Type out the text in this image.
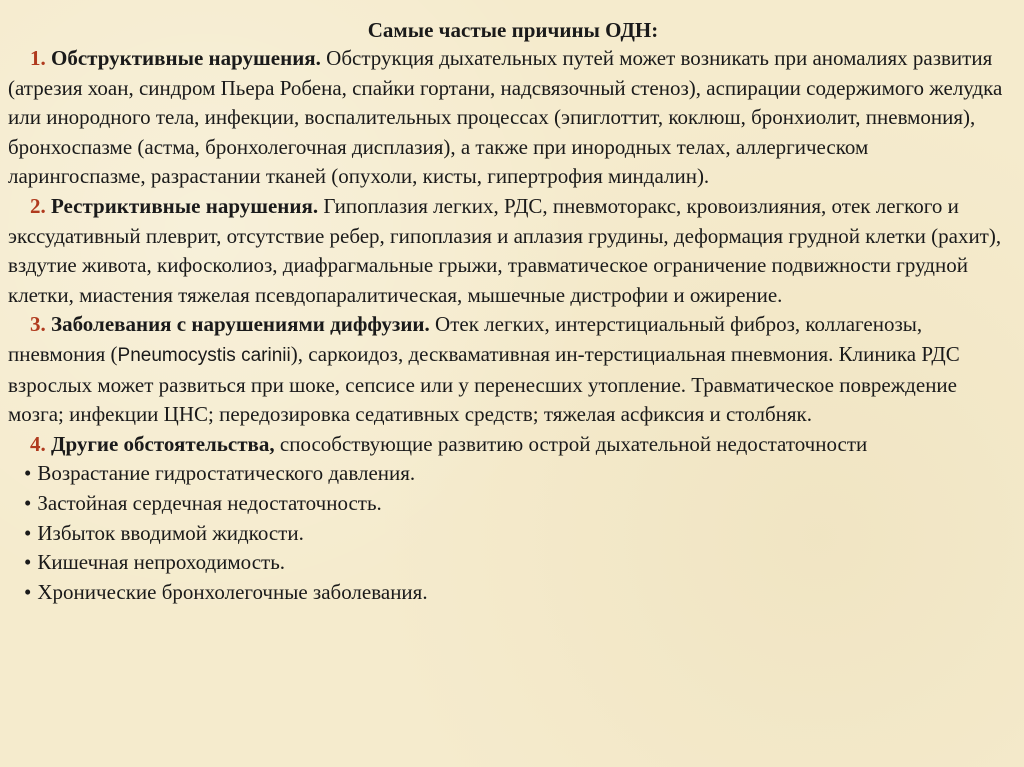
Самые частые причины ОДН:

1. Обструктивные нарушения. Обструкция дыхательных путей может возникать при аномалиях развития (атрезия хоан, синдром Пьера Робена, спайки гортани, надсвязочный стеноз), аспирации содержимого желудка или инородного тела, инфекции, воспалительных процессах (эпиглоттит, коклюш, бронхиолит, пневмония), бронхоспазме (астма, бронхолегочная дисплазия), а также при инородных телах, аллергическом ларингоспазме, разрастании тканей (опухоли, кисты, гипертрофия миндалин).

2. Рестриктивные нарушения. Гипоплазия легких, РДС, пневмоторакс, кровоизлияния, отек легкого и экссудативный плеврит, отсутствие ребер, гипоплазия и аплазия грудины, деформация грудной клетки (рахит), вздутие живота, кифосколиоз, диафрагмальные грыжи, травматическое ограничение подвижности грудной клетки, миастения тяжелая псевдопаралитическая, мышечные дистрофии и ожирение.

3. Заболевания с нарушениями диффузии. Отек легких, интерстициальный фиброз, коллагенозы, пневмония (Pneumocystis carinii), саркоидоз, десквамативная ин-терстициальная пневмония. Клиника РДС взрослых может развиться при шоке, сепсисе или у перенесших утопление. Травматическое повреждение мозга; инфекции ЦНС; передозировка седативных средств; тяжелая асфиксия и столбняк.

4. Другие обстоятельства, способствующие развитию острой дыхательной недостаточности

• Возрастание гидростатического давления.
• Застойная сердечная недостаточность.
• Избыток вводимой жидкости.
• Кишечная непроходимость.
• Хронические бронхолегочные заболевания.
